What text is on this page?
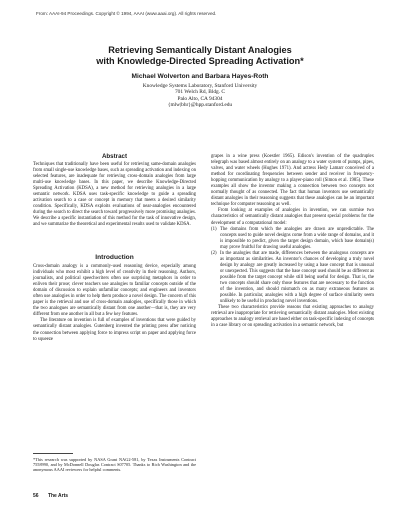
From: AAAI-94 Proceedings. Copyright © 1994, AAAI (www.aaai.org). All rights reserved.
Retrieving Semantically Distant Analogies
with Knowledge-Directed Spreading Activation*
Michael Wolverton and Barbara Hayes-Roth
Knowledge Systems Laboratory, Stanford University
701 Welch Rd, Bldg. C
Palo Alto, CA 94304
{mlw|bhr}@hpp.stanford.edu
Abstract

Techniques that traditionally have been useful for retrieving same-domain analogies from small single-use knowledge bases, such as spreading activation and indexing on selected features, are inadequate for retrieving cross-domain analogies from large multi-use knowledge bases. In this paper, we describe Knowledge-Directed Spreading Activation (KDSA), a new method for retrieving analogies in a large semantic network. KDSA uses task-specific knowledge to guide a spreading activation search to a case or concept in memory that meets a desired similarity condition. Specifically, KDSA exploits evaluations of near-analogies encountered during the search to direct the search toward progressively more promising analogies. We describe a specific instantiation of this method for the task of innovative design, and we summarize the theoretical and experimental results used to validate KDSA.

Introduction

Cross-domain analogy is a commonly-used reasoning device, especially among individuals who most exhibit a high level of creativity in their reasoning. Authors, journalists, and political speechwriters often use surprising metaphors in order to enliven their prose; clever teachers use analogies to familiar concepts outside of the domain of discussion to explain unfamiliar concepts; and engineers and inventors often use analogies in order to help them produce a novel design. The concern of this paper is the retrieval and use of cross-domain analogies, specifically those in which the two analogues are semantically distant from one another—that is, they are very different from one another in all but a few key features.

The literature on invention is full of examples of inventions that were guided by semantically distant analogies. Gutenberg invented the printing press after noticing the connection between applying force to impress script on paper and applying force to squeeze

*This research was supported by NASA Grant NAG2-581, by Texas Instruments Contract 7558990, and by McDonnell Douglas Contract S07705. Thanks to Rich Washington and the anonymous AAAI reviewers for helpful comments.
56 The Arts

grapes in a wine press (Koestler 1965). Edison's invention of the quadruplex telegraph was based almost entirely on an analogy to a water system of pumps, pipes, valves, and water wheels (Hughes 1971). And actress Hedy Lamarr conceived of a method for coordinating frequencies between sender and receiver in frequency-hopping communication by analogy to a player-piano roll (Simon et al. 1985). These examples all show the inventor making a connection between two concepts not normally thought of as connected. The fact that human inventors use semantically distant analogies in their reasoning suggests that these analogies can be an important technique for computer reasoning as well.

From looking at examples of analogies in invention, we can surmise two characteristics of semantically distant analogies that present special problems for the development of a computational model:

(1) The domains from which the analogies are drawn are unpredictable. The concepts used to guide novel designs come from a wide range of domains, and it is impossible to predict, given the target design domain, which base domain(s) may prove fruitful for drawing useful analogies.
(2) In the analogies that are made, differences between the analogous concepts are as important as similarities. An inventor's chances of developing a truly novel design by analogy are greatly increased by using a base concept that is unusual or unexpected. This suggests that the base concept used should be as different as possible from the target concept while still being useful for design. That is, the two concepts should share only those features that are necessary to the function of the invention, and should mismatch on as many extraneous features as possible. In particular, analogies with a high degree of surface similarity seem unlikely to be useful in producing novel inventions.

These two characteristics provide reasons that existing approaches to analogy retrieval are inappropriate for retrieving semantically distant analogies. Most existing approaches to analogy retrieval are based either on task-specific indexing of concepts in a case library or on spreading activation in a semantic network, but
